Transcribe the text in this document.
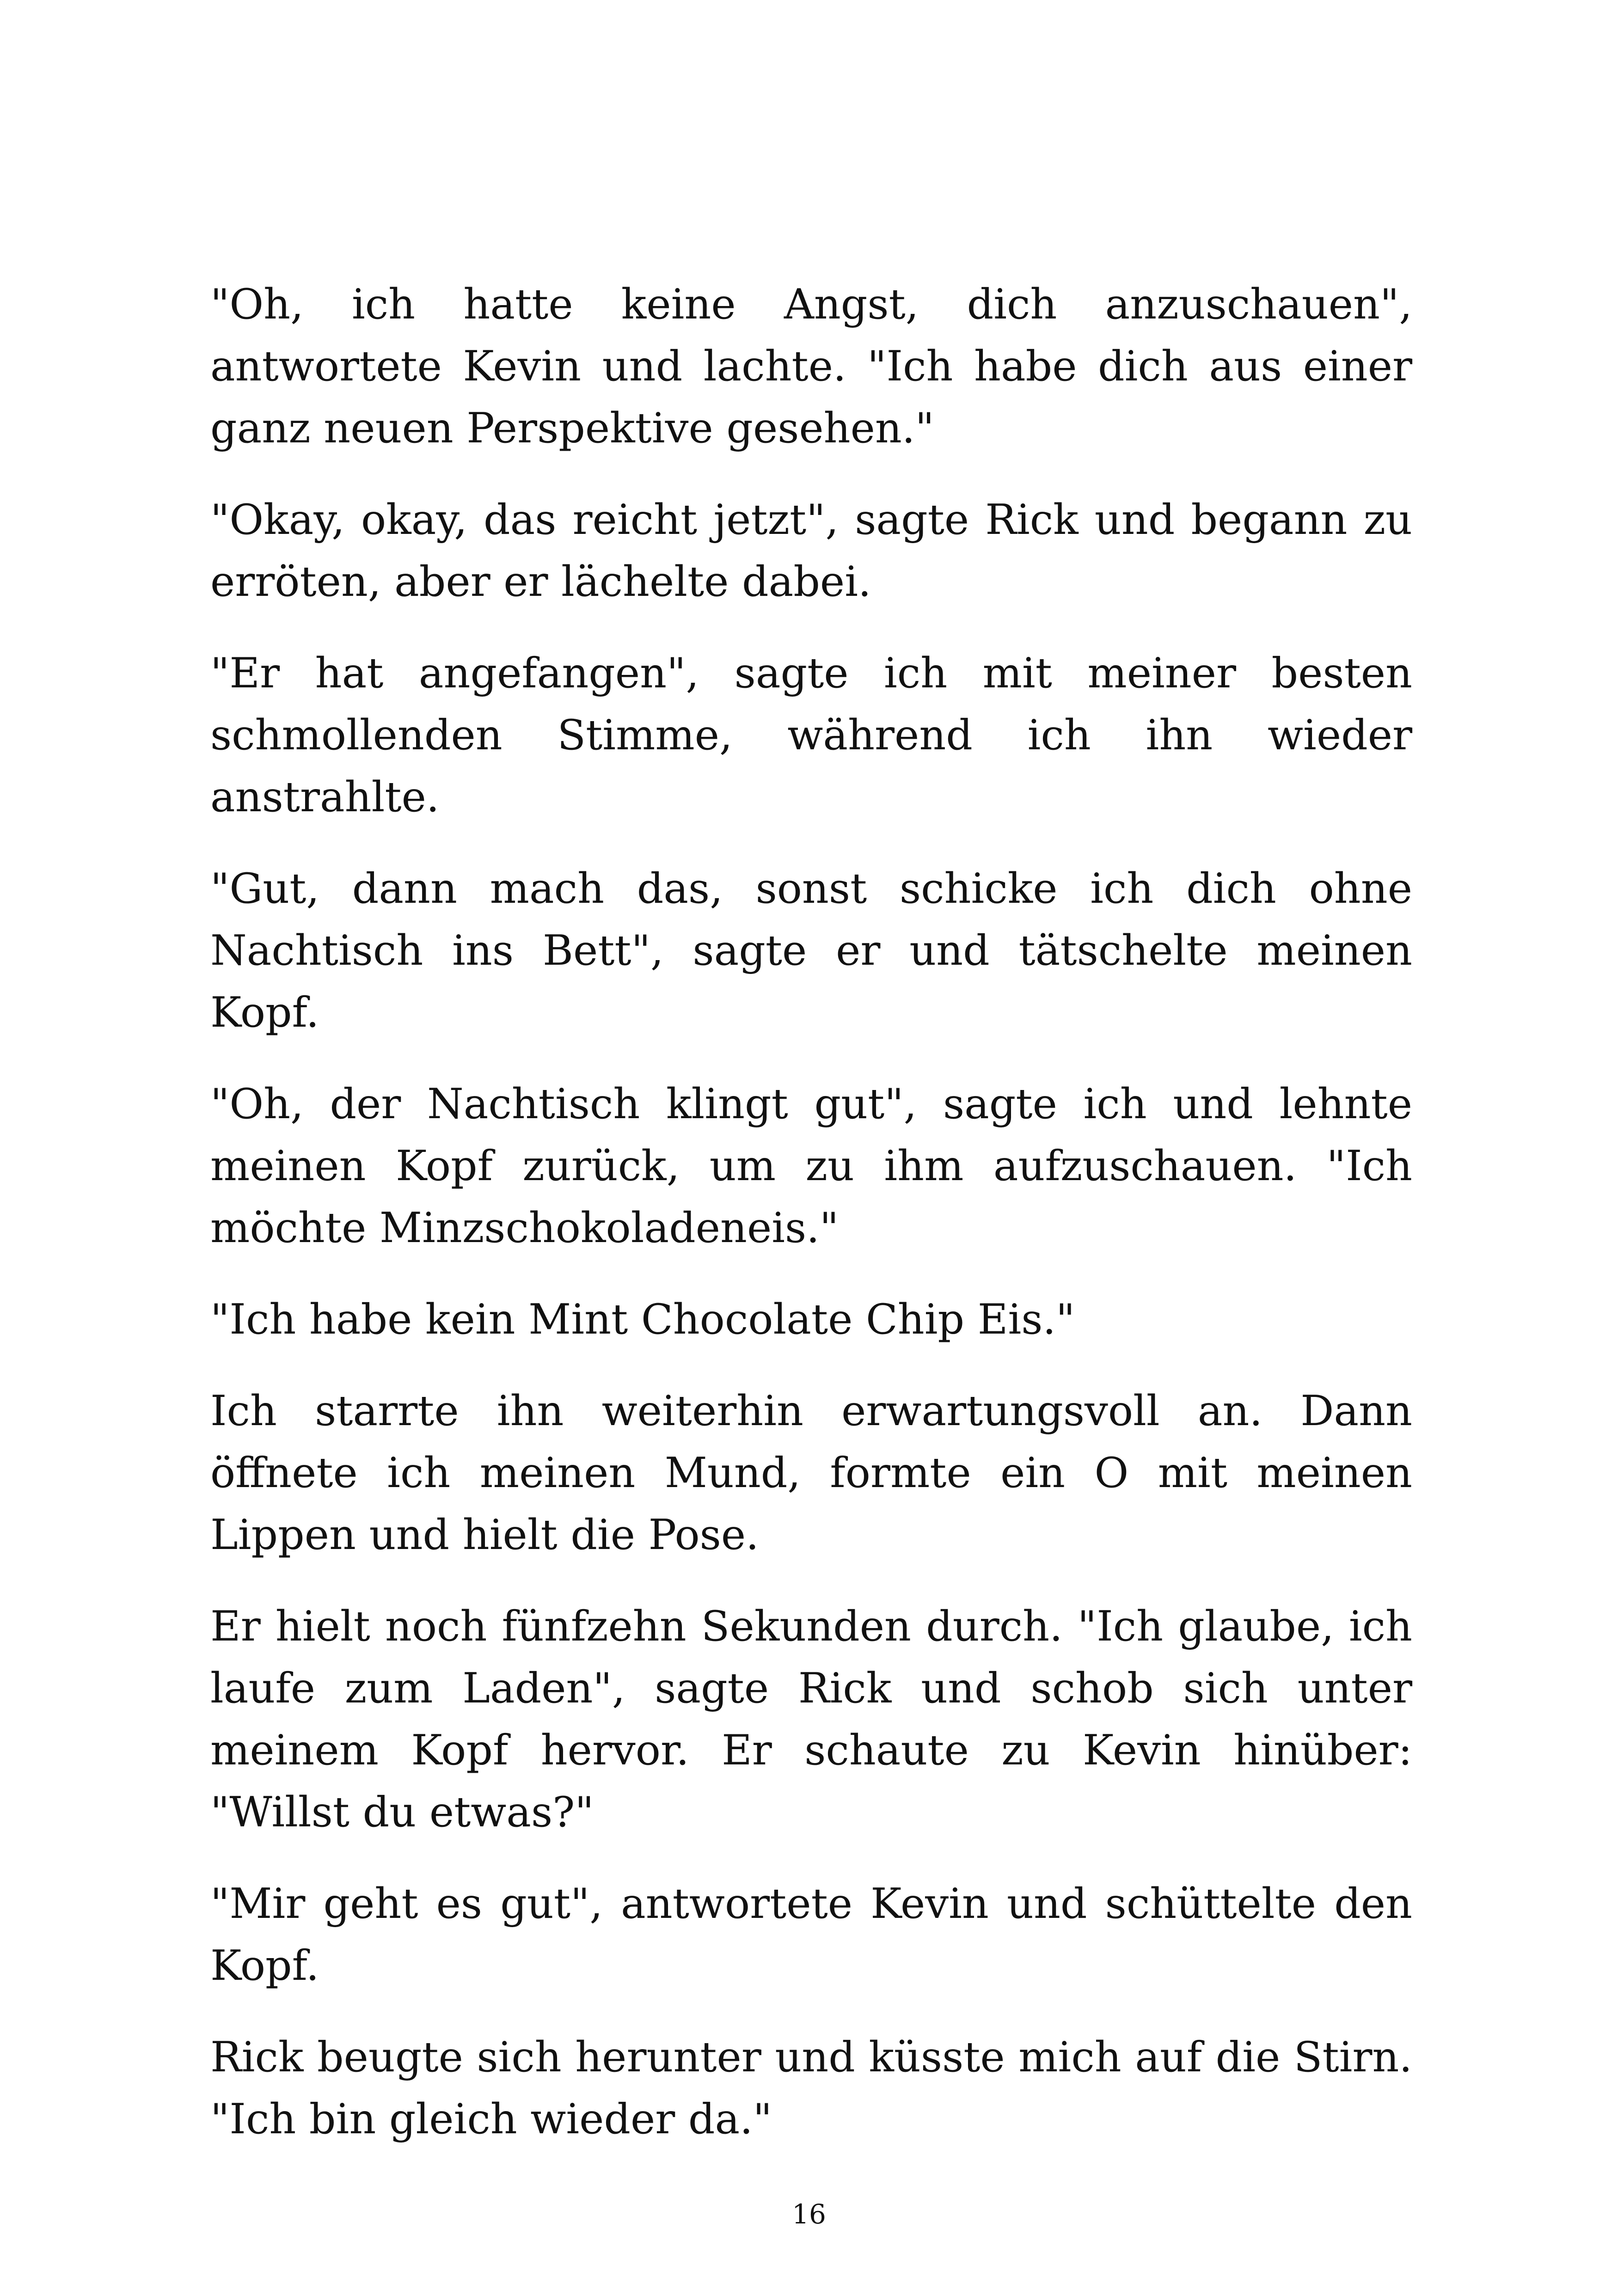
"Oh, ich hatte keine Angst, dich anzuschauen", antwortete Kevin und lachte. "Ich habe dich aus einer ganz neuen Perspektive gesehen."

"Okay, okay, das reicht jetzt", sagte Rick und begann zu erröten, aber er lächelte dabei.

"Er hat angefangen", sagte ich mit meiner besten schmollenden Stimme, während ich ihn wieder anstrahlte.

"Gut, dann mach das, sonst schicke ich dich ohne Nachtisch ins Bett", sagte er und tätschelte meinen Kopf.

"Oh, der Nachtisch klingt gut", sagte ich und lehnte meinen Kopf zurück, um zu ihm aufzuschauen. "Ich möchte Minzschokoladeneis."

"Ich habe kein Mint Chocolate Chip Eis."

Ich starrte ihn weiterhin erwartungsvoll an. Dann öffnete ich meinen Mund, formte ein O mit meinen Lippen und hielt die Pose.

Er hielt noch fünfzehn Sekunden durch. "Ich glaube, ich laufe zum Laden", sagte Rick und schob sich unter meinem Kopf hervor. Er schaute zu Kevin hinüber: "Willst du etwas?"

"Mir geht es gut", antwortete Kevin und schüttelte den Kopf.

Rick beugte sich herunter und küsste mich auf die Stirn. "Ich bin gleich wieder da."

16
